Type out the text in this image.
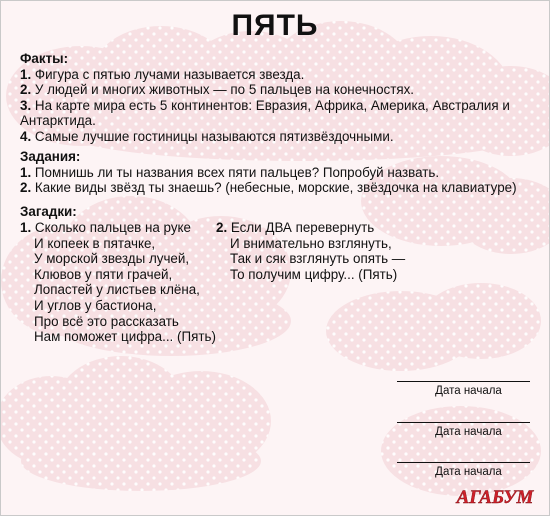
ПЯТЬ
Факты:
1. Фигура с пятью лучами называется звезда.
2. У людей и многих животных — по 5 пальцев на конечностях.
3. На карте мира есть 5 континентов: Евразия, Африка, Америка, Австралия и
Антарктида.
4. Самые лучшие гостиницы называются пятизвёздочными.
Задания:
1. Помнишь ли ты названия всех пяти пальцев? Попробуй назвать.
2. Какие виды звёзд ты знаешь? (небесные, морские, звёздочка на клавиатуре)
Загадки:
1. Сколько пальцев на руке
И копеек в пятачке,
У морской звезды лучей,
Клювов у пяти грачей,
Лопастей у листьев клёна,
И углов у бастиона,
Про всё это рассказать
Нам поможет цифра... (Пять)
2. Если ДВА перевернуть
И внимательно взглянуть,
Так и сяк взглянуть опять —
То получим цифру... (Пять)
Дата начала
Дата начала
Дата начала
АГАБУМ
